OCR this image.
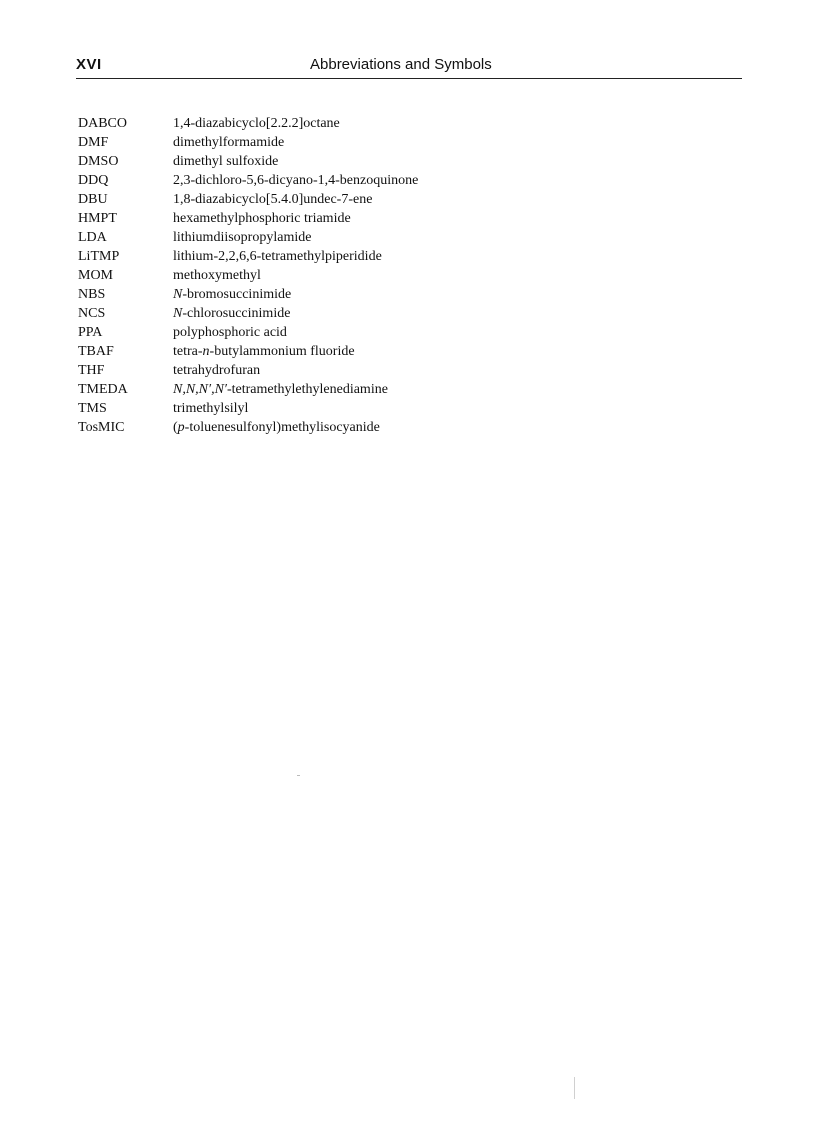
XVI	Abbreviations and Symbols
DABCO	1,4-diazabicyclo[2.2.2]octane
DMF	dimethylformamide
DMSO	dimethyl sulfoxide
DDQ	2,3-dichloro-5,6-dicyano-1,4-benzoquinone
DBU	1,8-diazabicyclo[5.4.0]undec-7-ene
HMPT	hexamethylphosphoric triamide
LDA	lithiumdiisopropylamide
LiTMP	lithium-2,2,6,6-tetramethylpiperidide
MOM	methoxymethyl
NBS	N-bromosuccinimide
NCS	N-chlorosuccinimide
PPA	polyphosphoric acid
TBAF	tetra-n-butylammonium fluoride
THF	tetrahydrofuran
TMEDA	N,N,N′,N′-tetramethylethylenediamine
TMS	trimethylsilyl
TosMIC	(p-toluenesulfonyl)methylisocyanide
